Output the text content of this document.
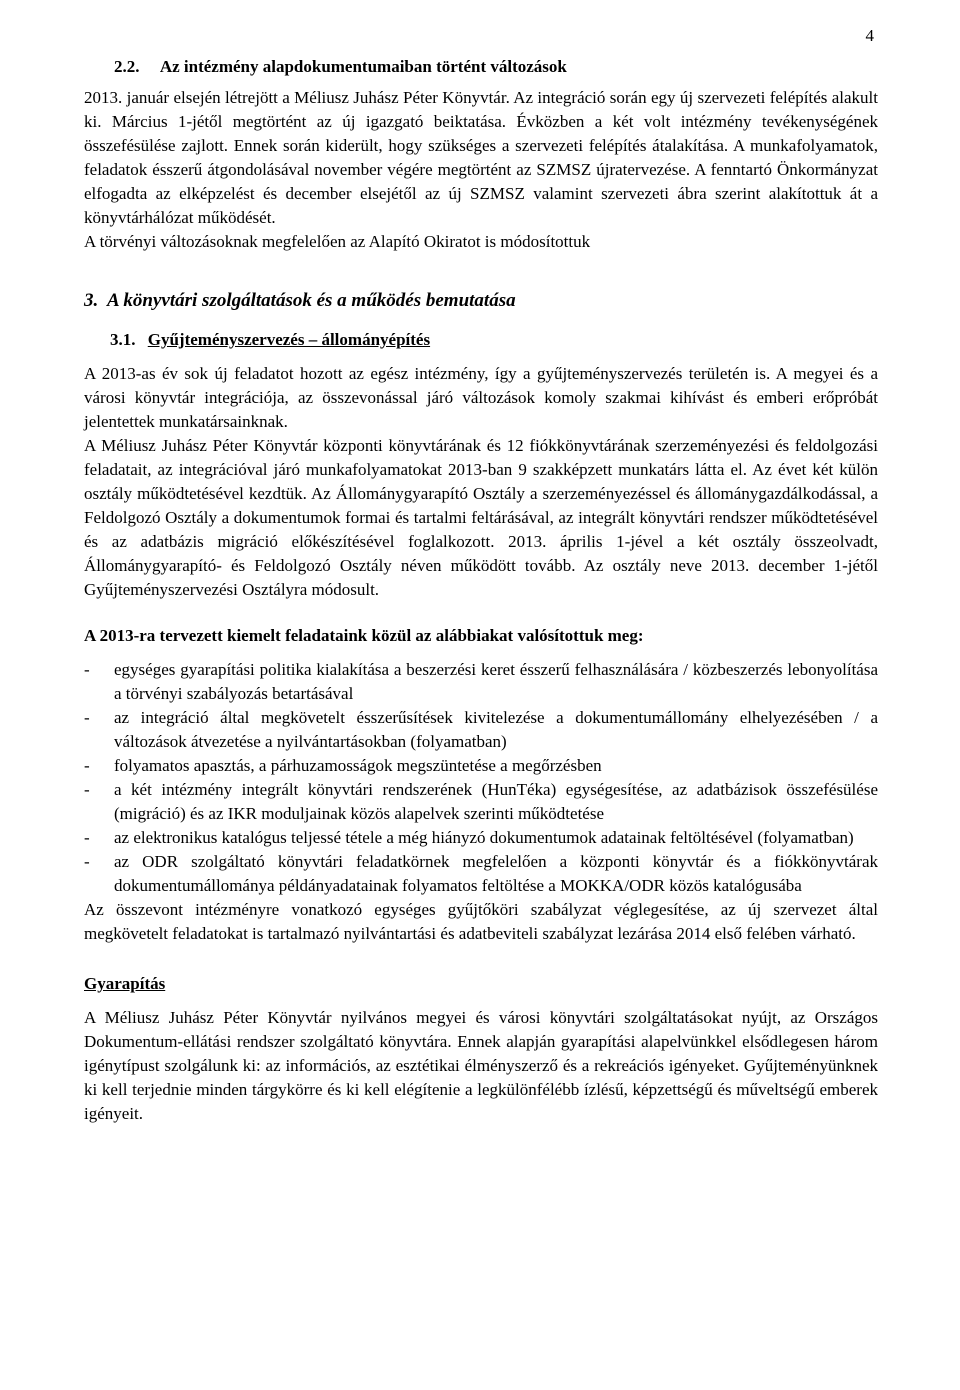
4
2.2. Az intézmény alapdokumentumaiban történt változások

2013. január elsején létrejött a Méliusz Juhász Péter Könyvtár. Az integráció során egy új szervezeti felépítés alakult ki. Március 1-jétől megtörtént az új igazgató beiktatása. Évközben a két volt intézmény tevékenységének összefésülése zajlott. Ennek során kiderült, hogy szükséges a szervezeti felépítés átalakítása. A munkafolyamatok, feladatok ésszerű átgondolásával november végére megtörtént az SZMSZ újratervezése. A fenntartó Önkormányzat elfogadta az elképzelést és december elsejétől az új SZMSZ valamint szervezeti ábra szerint alakítottuk át a könyvtárhálózat működését.

A törvényi változásoknak megfelelően az Alapító Okiratot is módosítottuk

3.  A könyvtári szolgáltatások és a működés bemutatása
3.1. Gyűjteményszervezés – állományépítés

A 2013-as év sok új feladatot hozott az egész intézmény, így a gyűjteményszervezés területén is. A megyei és a városi könyvtár integrációja, az összevonással járó változások komoly szakmai kihívást és emberi erőpróbát jelentettek munkatársainknak.

A Méliusz Juhász Péter Könyvtár központi könyvtárának és 12 fiókkönyvtárának szerzeményezési és feldolgozási feladatait, az integrációval járó munkafolyamatokat 2013-ban 9 szakképzett munkatárs látta el. Az évet két külön osztály működtetésével kezdtük. Az Állománygyarapító Osztály a szerzeményezéssel és állománygazdálkodással, a Feldolgozó Osztály a dokumentumok formai és tartalmi feltárásával, az integrált könyvtári rendszer működtetésével és az adatbázis migráció előkészítésével foglalkozott. 2013. április 1-jével a két osztály összeolvadt, Állománygyarapító- és Feldolgozó Osztály néven működött tovább. Az osztály neve 2013. december 1-jétől Gyűjteményszervezési Osztályra módosult.

A 2013-ra tervezett kiemelt feladataink közül az alábbiakat valósítottuk meg:
- egységes gyarapítási politika kialakítása a beszerzési keret ésszerű felhasználására / közbeszerzés lebonyolítása a törvényi szabályozás betartásával
- az integráció által megkövetelt ésszerűsítések kivitelezése a dokumentumállomány elhelyezésében / a változások átvezetése a nyilvántartásokban (folyamatban)
- folyamatos apasztás, a párhuzamosságok megszüntetése a megőrzésben
- a két intézmény integrált könyvtári rendszerének (HunTéka) egységesítése, az adatbázisok összefésülése (migráció) és az IKR moduljainak közös alapelvek szerinti működtetése
- az elektronikus katalógus teljessé tétele a még hiányzó dokumentumok adatainak feltöltésével (folyamatban)
- az ODR szolgáltató könyvtári feladatkörnek megfelelően a központi könyvtár és a fiókkönyvtárak dokumentumállománya példányadatainak folyamatos feltöltése a MOKKA/ODR közös katalógusába

Az összevont intézményre vonatkozó egységes gyűjtőköri szabályzat véglegesítése, az új szervezet által megkövetelt feladatokat is tartalmazó nyilvántartási és adatbeviteli szabályzat lezárása 2014 első felében várható.

Gyarapítás

A Méliusz Juhász Péter Könyvtár nyilvános megyei és városi könyvtári szolgáltatásokat nyújt, az Országos Dokumentum-ellátási rendszer szolgáltató könyvtára. Ennek alapján gyarapítási alapelvünkkel elsődlegesen három igénytípust szolgálunk ki: az információs, az esztétikai élményszerző és a rekreációs igényeket. Gyűjteményünknek ki kell terjednie minden tárgykörre és ki kell elégítenie a legkülönfélébb ízlésű, képzettségű és műveltségű emberek igényeit.
